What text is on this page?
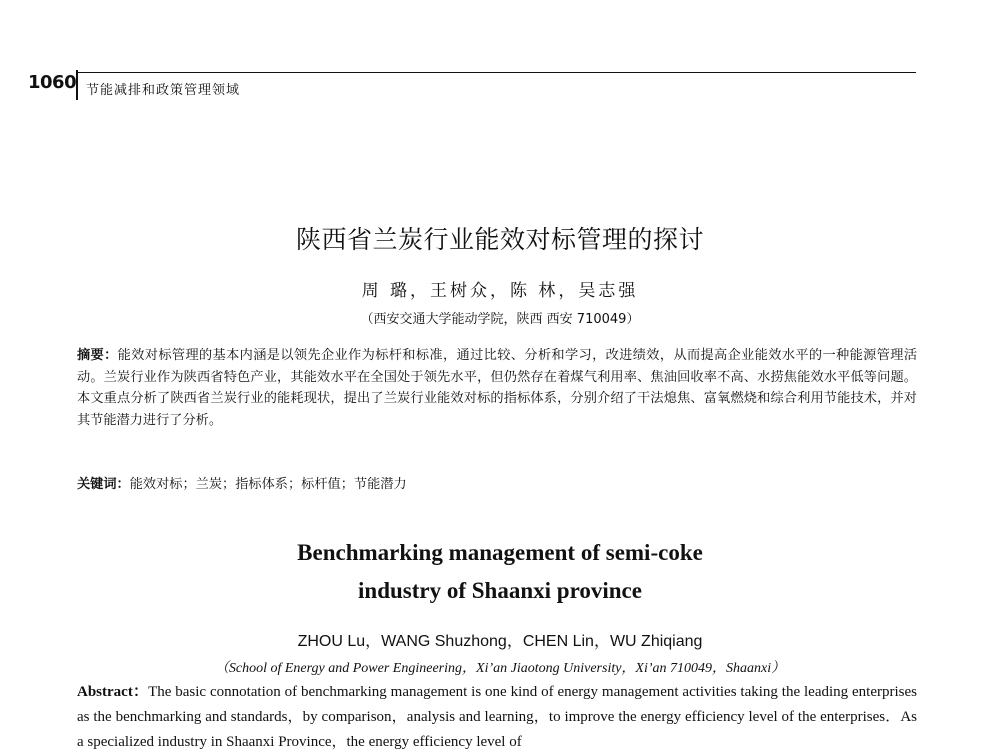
1060 节能减排和政策管理领域
陕西省兰炭行业能效对标管理的探讨
周 璐，王树众，陈 林，吴志强
（西安交通大学能动学院，陕西 西安 710049）
摘要：能效对标管理的基本内涵是以领先企业作为标杆和标准，通过比较、分析和学习，改进绩效，从而提高企业能效水平的一种能源管理活动。兰炭行业作为陕西省特色产业，其能效水平在全国处于领先水平，但仍然存在着煤气利用率、焦油回收率不高、水捞焦能效水平低等问题。本文重点分析了陕西省兰炭行业的能耗现状，提出了兰炭行业能效对标的指标体系，分别介绍了干法熄焦、富氧燃烧和综合利用节能技术，并对其节能潜力进行了分析。
关键词：能效对标；兰炭；指标体系；标杆值；节能潜力
Benchmarking management of semi-coke
industry of Shaanxi province
ZHOU Lu，WANG Shuzhong，CHEN Lin，WU Zhiqiang
（School of Energy and Power Engineering，Xi’an Jiaotong University，Xi’an 710049，Shaanxi）
Abstract：The basic connotation of benchmarking management is one kind of energy management activities taking the leading enterprises as the benchmarking and standards，by comparison，analysis and learning，to improve the energy efficiency level of the enterprises．As a specialized industry in Shaanxi Province，the energy efficiency level of
